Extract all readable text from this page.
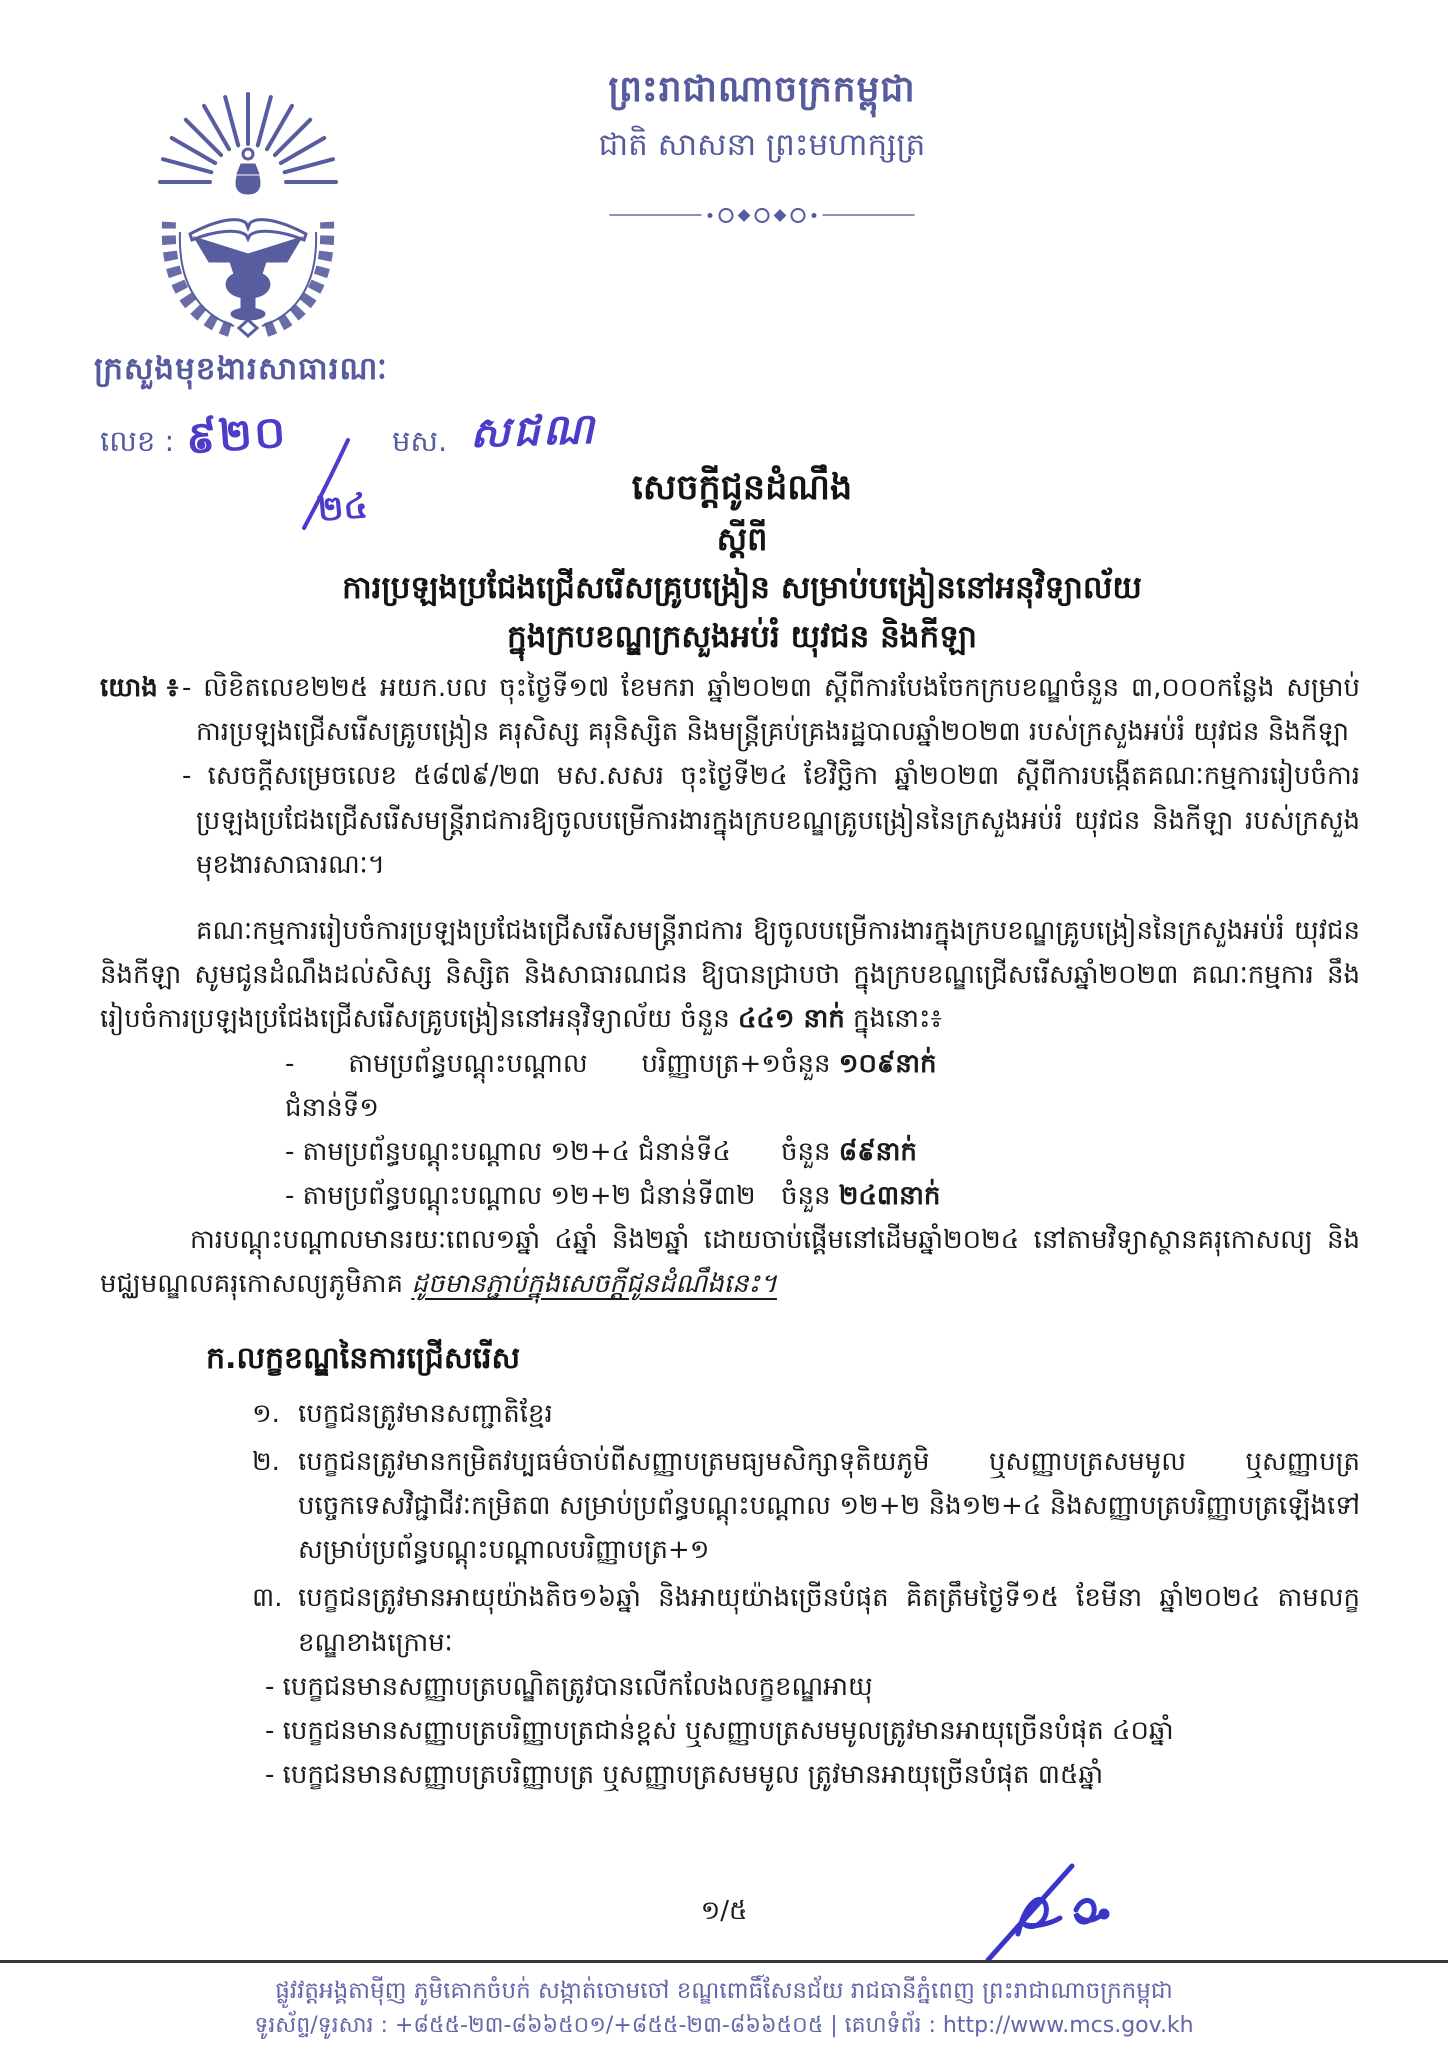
ព្រះរាជាណាចក្រកម្ពុជា
ជាតិ សាសនា ព្រះមហាក្សត្រ
ក្រសួងមុខងារសាធារណៈ
លេខ : ៩២០
២៤
មស. សជណ
សេចក្តីជូនដំណឹង
ស្តីពី
ការប្រឡងប្រជែងជ្រើសរើសគ្រូបង្រៀន សម្រាប់បង្រៀននៅអនុវិទ្យាល័យ
ក្នុងក្របខណ្ឌក្រសួងអប់រំ យុវជន និងកីឡា
យោង ៖ - លិខិតលេខ២២៥ អយក.បល ចុះថ្ងៃទី១៧ ខែមករា ឆ្នាំ២០២៣ ស្តីពីការបែងចែកក្របខណ្ឌចំនួន ៣,០០០កន្លែង សម្រាប់ការប្រឡងជ្រើសរើសគ្រូបង្រៀន គរុសិស្ស គរុនិស្សិត និងមន្ត្រីគ្រប់គ្រងរដ្ឋបាលឆ្នាំ២០២៣ របស់ក្រសួងអប់រំ យុវជន និងកីឡា
- សេចក្តីសម្រេចលេខ ៥៨៧៩/២៣ មស.សសរ ចុះថ្ងៃទី២៤ ខែវិច្ឆិកា ឆ្នាំ២០២៣ ស្តីពីការបង្កើតគណៈកម្មការរៀបចំការប្រឡងប្រជែងជ្រើសរើសមន្ត្រីរាជការឱ្យចូលបម្រើការងារក្នុងក្របខណ្ឌគ្រូបង្រៀននៃក្រសួងអប់រំ យុវជន និងកីឡា របស់ក្រសួងមុខងារសាធារណៈ។
គណៈកម្មការរៀបចំការប្រឡងប្រជែងជ្រើសរើសមន្ត្រីរាជការ ឱ្យចូលបម្រើការងារក្នុងក្របខណ្ឌគ្រូបង្រៀននៃក្រសួងអប់រំ យុវជន និងកីឡា សូមជូនដំណឹងដល់សិស្ស និស្សិត និងសាធារណជន ឱ្យបានជ្រាបថា ក្នុងក្របខណ្ឌជ្រើសរើសឆ្នាំ២០២៣ គណៈកម្មការ នឹងរៀបចំការប្រឡងប្រជែងជ្រើសរើសគ្រូបង្រៀននៅអនុវិទ្យាល័យ ចំនួន ៤៤១ នាក់ ក្នុងនោះ៖
- តាមប្រព័ន្ធបណ្តុះបណ្តាល បរិញ្ញាបត្រ+១ ជំនាន់ទី១
ចំនួន ១០៩នាក់
- តាមប្រព័ន្ធបណ្តុះបណ្តាល ១២+៤ ជំនាន់ទី៤	ចំនួន ៨៩នាក់
- តាមប្រព័ន្ធបណ្តុះបណ្តាល ១២+២ ជំនាន់ទី៣២ ចំនួន ២៤៣នាក់
ការបណ្តុះបណ្តាលមានរយៈពេល១ឆ្នាំ ៤ឆ្នាំ និង២ឆ្នាំ ដោយចាប់ផ្តើមនៅដើមឆ្នាំ២០២៤ នៅតាមវិទ្យាស្ថានគរុកោសល្យ និងមជ្ឈមណ្ឌលគរុកោសល្យភូមិភាគ ដូចមានភ្ជាប់ក្នុងសេចក្តីជូនដំណឹងនេះ។
ក.លក្ខខណ្ឌនៃការជ្រើសរើស
១. បេក្ខជនត្រូវមានសញ្ជាតិខ្មែរ
២. បេក្ខជនត្រូវមានកម្រិតវប្បធម៌ចាប់ពីសញ្ញាបត្រមធ្យមសិក្សាទុតិយភូមិ ឬសញ្ញាបត្រសមមូល ឬសញ្ញាបត្របច្ចេកទេសវិជ្ជាជីវៈកម្រិត៣ សម្រាប់ប្រព័ន្ធបណ្តុះបណ្តាល ១២+២ និង១២+៤ និងសញ្ញាបត្របរិញ្ញាបត្រឡើងទៅសម្រាប់ប្រព័ន្ធបណ្តុះបណ្តាលបរិញ្ញាបត្រ+១
៣. បេក្ខជនត្រូវមានអាយុយ៉ាងតិច១៦ឆ្នាំ និងអាយុយ៉ាងច្រើនបំផុត គិតត្រឹមថ្ងៃទី១៥ ខែមីនា ឆ្នាំ២០២៤ តាមលក្ខខណ្ឌខាងក្រោមៈ
- បេក្ខជនមានសញ្ញាបត្របណ្ឌិតត្រូវបានលើកលែងលក្ខខណ្ឌអាយុ
- បេក្ខជនមានសញ្ញាបត្របរិញ្ញាបត្រជាន់ខ្ពស់ ឬសញ្ញាបត្រសមមូលត្រូវមានអាយុច្រើនបំផុត ៤០ឆ្នាំ
- បេក្ខជនមានសញ្ញាបត្របរិញ្ញាបត្រ ឬសញ្ញាបត្រសមមូល ត្រូវមានអាយុច្រើនបំផុត ៣៥ឆ្នាំ
១/៥
ផ្លូវវត្តអង្គតាមុីញ ភូមិគោកចំបក់ សង្កាត់ចោមចៅ ខណ្ឌពោធិ៍សែនជ័យ រាជធានីភ្នំពេញ ព្រះរាជាណាចក្រកម្ពុជា
ទូរស័ព្ទ/ទូរសារ : +៨៥៥-២៣-៨៦៦៥០១/+៨៥៥-២៣-៨៦៦៥០៥ | គេហទំព័រ : http://www.mcs.gov.kh
